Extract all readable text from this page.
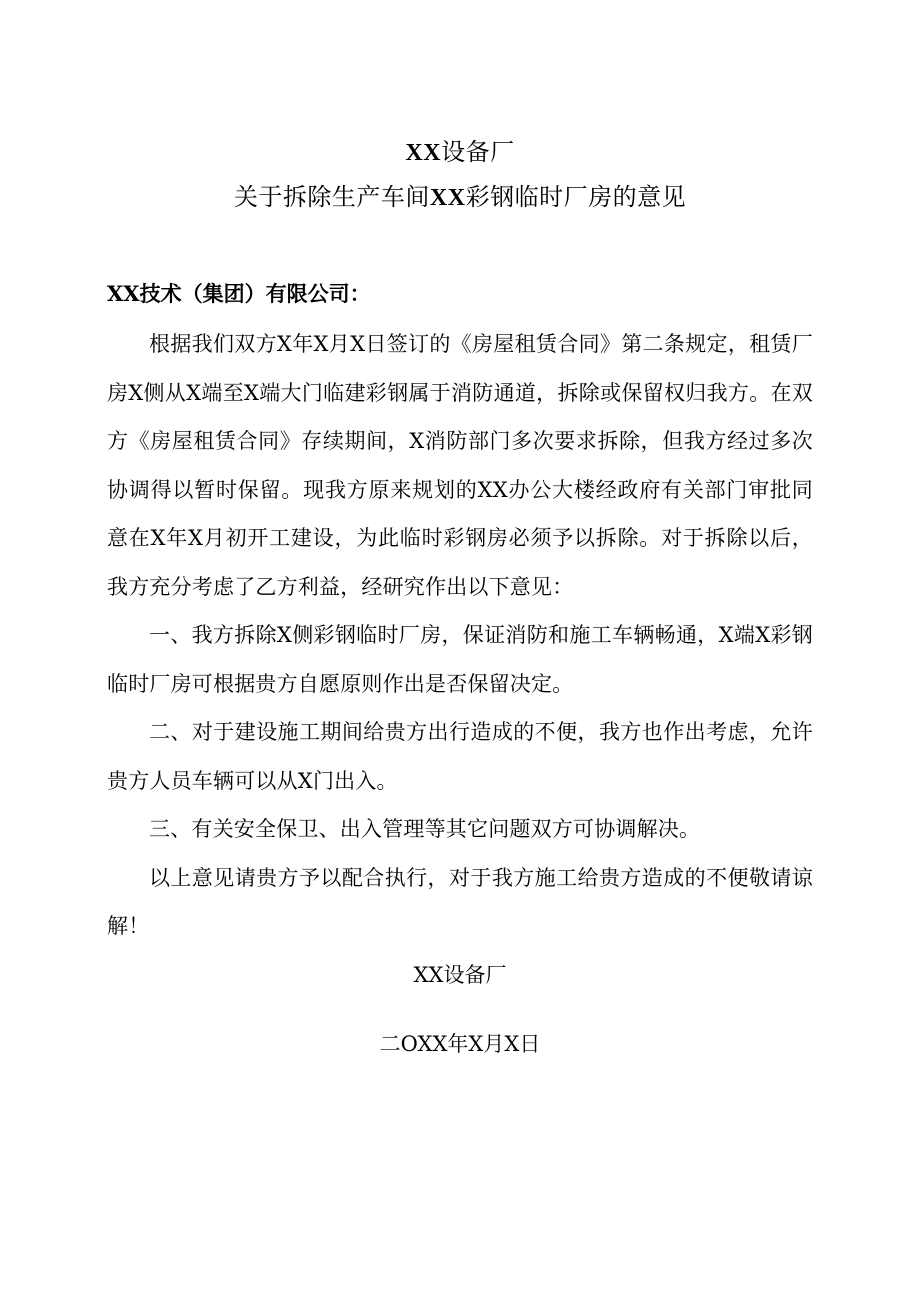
XX设备厂
关于拆除生产车间XX彩钢临时厂房的意见

XX技术（集团）有限公司：

根据我们双方X年X月X日签订的《房屋租赁合同》第二条规定，租赁厂房X侧从X端至X端大门临建彩钢属于消防通道，拆除或保留权归我方。在双方《房屋租赁合同》存续期间，X消防部门多次要求拆除，但我方经过多次协调得以暂时保留。现我方原来规划的XX办公大楼经政府有关部门审批同意在X年X月初开工建设，为此临时彩钢房必须予以拆除。对于拆除以后，我方充分考虑了乙方利益，经研究作出以下意见：

一、我方拆除X侧彩钢临时厂房，保证消防和施工车辆畅通，X端X彩钢临时厂房可根据贵方自愿原则作出是否保留决定。

二、对于建设施工期间给贵方出行造成的不便，我方也作出考虑，允许贵方人员车辆可以从X门出入。

三、有关安全保卫、出入管理等其它问题双方可协调解决。

以上意见请贵方予以配合执行，对于我方施工给贵方造成的不便敬请谅解！

XX设备厂

二OXX年X月X日
